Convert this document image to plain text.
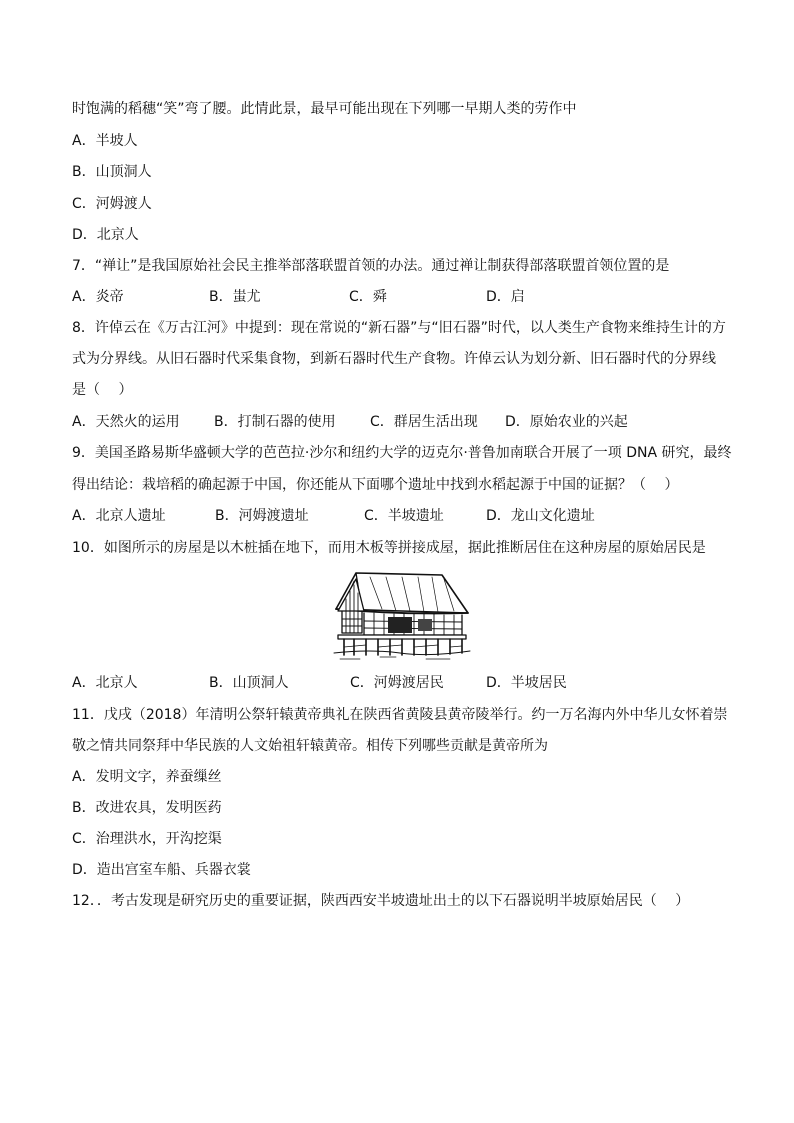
时饱满的稻穗“笑”弯了腰。此情此景，最早可能出现在下列哪一早期人类的劳作中
A．半坡人
B．山顶洞人
C．河姆渡人
D．北京人
7．“禅让”是我国原始社会民主推举部落联盟首领的办法。通过禅让制获得部落联盟首领位置的是
A．炎帝	B．蚩尤	C．舜	D．启
8．许倬云在《万古江河》中提到：现在常说的“新石器”与“旧石器”时代，以人类生产食物来维持生计的方
式为分界线。从旧石器时代采集食物，到新石器时代生产食物。许倬云认为划分新、旧石器时代的分界线
是（　 ）
A．天然火的运用 B．打制石器的使用 C．群居生活出现 D．原始农业的兴起
9．美国圣路易斯华盛顿大学的芭芭拉·沙尔和纽约大学的迈克尔·普鲁加南联合开展了一项 DNA 研究，最终
得出结论：栽培稻的确起源于中国，你还能从下面哪个遗址中找到水稻起源于中国的证据？（　 ）
A．北京人遗址	B．河姆渡遗址	C．半坡遗址	D．龙山文化遗址
10．如图所示的房屋是以木桩插在地下，而用木板等拼接成屋，据此推断居住在这种房屋的原始居民是
A．北京人	B．山顶洞人	C．河姆渡居民	D．半坡居民
11．戊戌（2018）年清明公祭轩辕黄帝典礼在陕西省黄陵县黄帝陵举行。约一万名海内外中华儿女怀着崇
敬之情共同祭拜中华民族的人文始祖轩辕黄帝。相传下列哪些贡献是黄帝所为
A．发明文字，养蚕缫丝
B．改进农具，发明医药
C．治理洪水，开沟挖渠
D．造出宫室车船、兵器衣裳
12．．考古发现是研究历史的重要证据，陕西西安半坡遗址出土的以下石器说明半坡原始居民（　 ）
